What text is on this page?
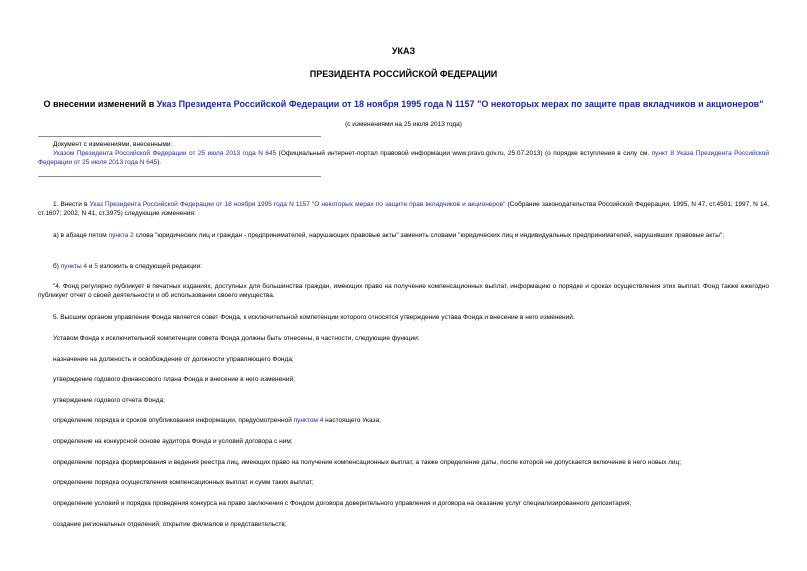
УКАЗ
ПРЕЗИДЕНТА РОССИЙСКОЙ ФЕДЕРАЦИИ
О внесении изменений в Указ Президента Российской Федерации от 18 ноября 1995 года N 1157 "О некоторых мерах по защите прав вкладчиков и акционеров"
(с изменениями на 25 июля 2013 года)
Документ с изменениями, внесенными:
Указом Президента Российской Федерации от 25 июля 2013 года N 645 (Официальный интернет-портал правовой информации www.pravo.gov.ru, 25.07.2013) (о порядке вступления в силу см. пункт 8 Указа Президента Российской Федерации от 25 июля 2013 года N 645).
1. Внести в Указ Президента Российской Федерации от 18 ноября 1995 года N 1157 "О некоторых мерах по защите прав вкладчиков и акционеров" (Собрание законодательства Российской Федерации, 1995, N 47, ст.4501; 1997, N 14, ст.1607; 2002, N 41, ст.3975) следующие изменения:
а) в абзаце пятом пункта 2 слова "юридических лиц и граждан - предпринимателей, нарушающих правовые акты" заменить словами "юридических лиц и индивидуальных предпринимателей, нарушивших правовые акты";
б) пункты 4 и 5 изложить в следующей редакции:
"4. Фонд регулярно публикует в печатных изданиях, доступных для большинства граждан, имеющих право на получение компенсационных выплат, информацию о порядке и сроках осуществления этих выплат. Фонд также ежегодно публикует отчет о своей деятельности и об использовании своего имущества.
5. Высшим органом управления Фонда является совет Фонда, к исключительной компетенции которого относятся утверждение устава Фонда и внесение в него изменений.
Уставом Фонда к исключительной компетенции совета Фонда должны быть отнесены, в частности, следующие функции:
назначение на должность и освобождение от должности управляющего Фонда;
утверждение годового финансового плана Фонда и внесение в него изменений;
утверждение годового отчета Фонда;
определение порядка и сроков опубликования информации, предусмотренной пунктом 4 настоящего Указа;
определение на конкурсной основе аудитора Фонда и условий договора с ним;
определение порядка формирования и ведения реестра лиц, имеющих право на получение компенсационных выплат, а также определение даты, после которой не допускается включение в него новых лиц;
определение порядка осуществления компенсационных выплат и сумм таких выплат;
определение условий и порядка проведения конкурса на право заключения с Фондом договора доверительного управления и договора на оказание услуг специализированного депозитария;
создание региональных отделений, открытие филиалов и представительств;
